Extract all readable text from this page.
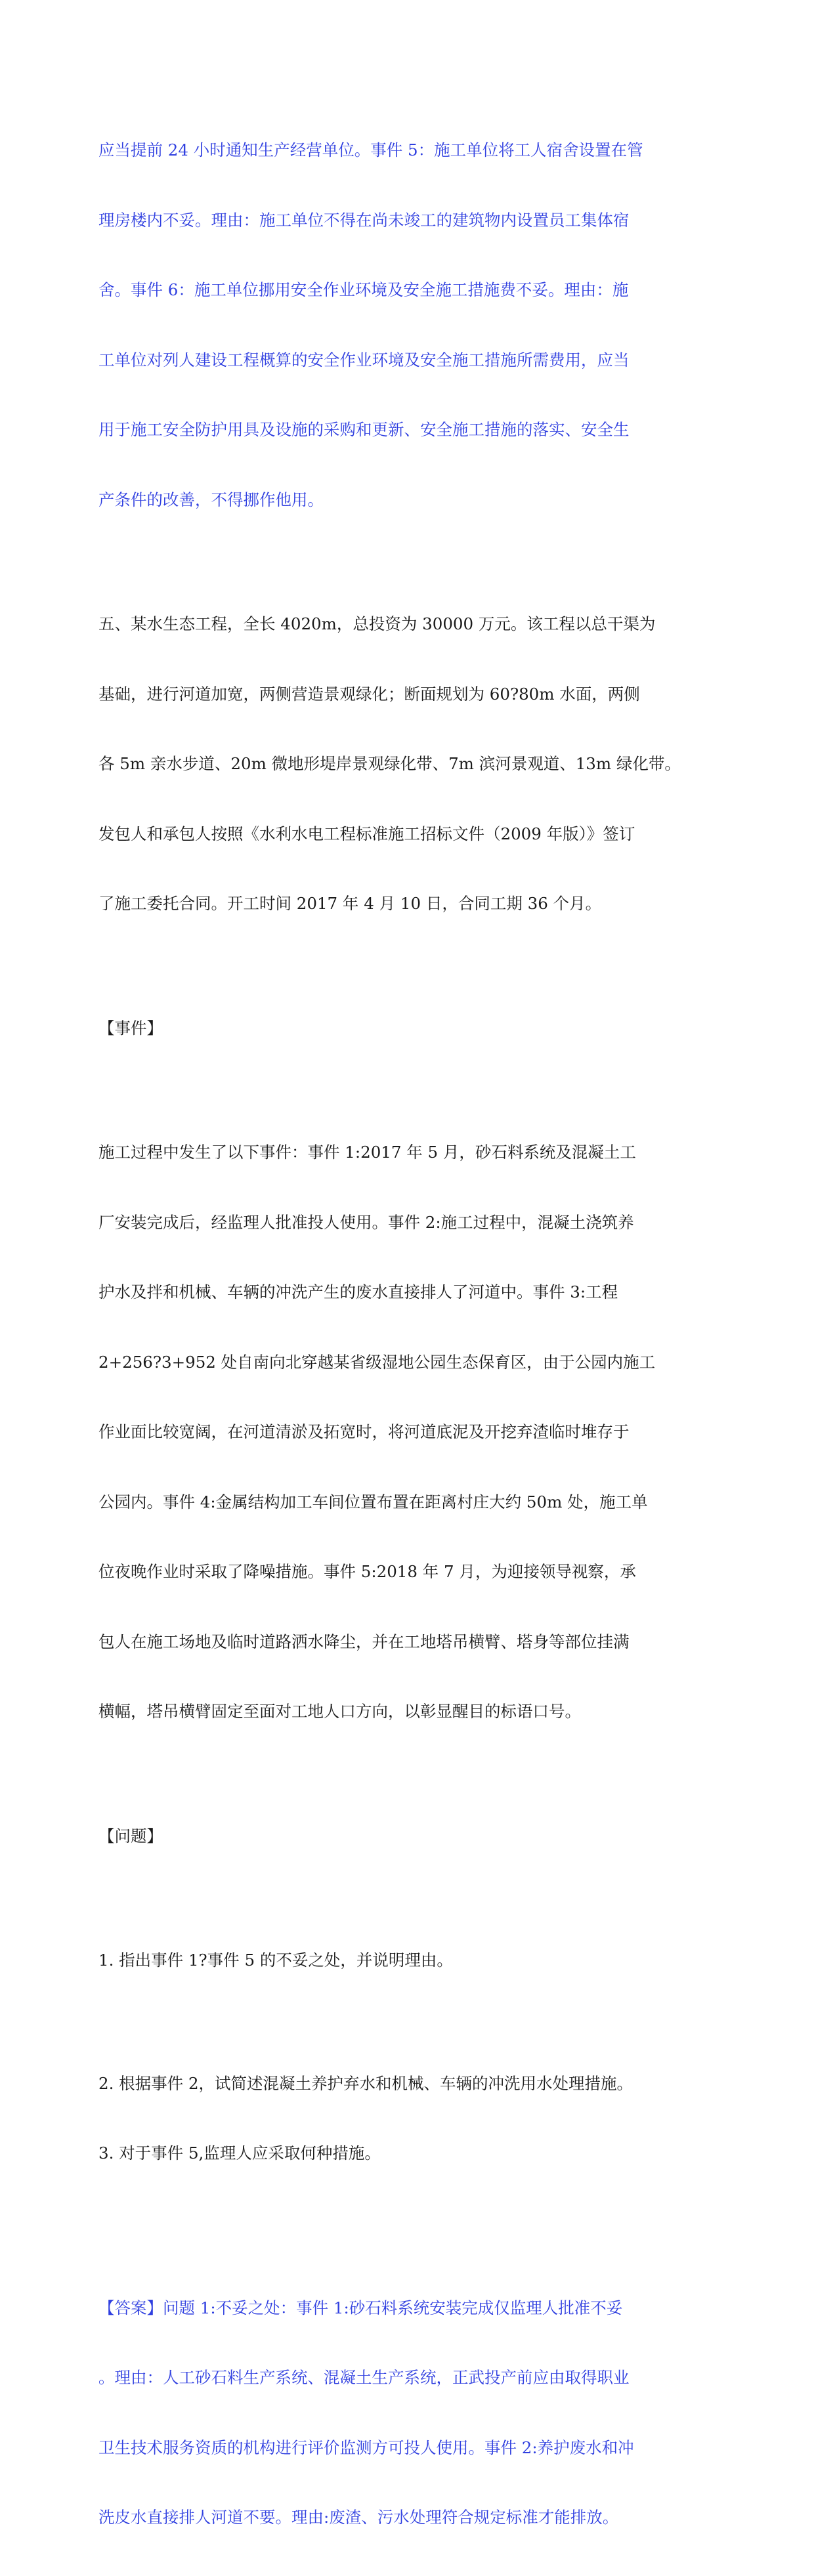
应当提前 24 小时通知生产经营单位。事件 5：施工单位将工人宿舍设置在管

理房楼内不妥。理由：施工单位不得在尚未竣工的建筑物内设置员工集体宿

舍。事件 6：施工单位挪用安全作业环境及安全施工措施费不妥。理由：施

工单位对列人建设工程概算的安全作业环境及安全施工措施所需费用，应当

用于施工安全防护用具及设施的采购和更新、安全施工措施的落实、安全生

产条件的改善，不得挪作他用。

五、某水生态工程，全长 4020m，总投资为 30000 万元。该工程以总干渠为

基础，进行河道加宽，两侧营造景观绿化；断面规划为 60?80m 水面，两侧

各 5m 亲水步道、20m 微地形堤岸景观绿化带、7m 滨河景观道、13m 绿化带。

发包人和承包人按照《水利水电工程标准施工招标文件（2009 年版）》签订

了施工委托合同。开工时间 2017 年 4 月 10 日，合同工期 36 个月。

【事件】

施工过程中发生了以下事件：事件 1:2017 年 5 月，砂石料系统及混凝土工

厂安装完成后，经监理人批准投人使用。事件 2:施工过程中，混凝土浇筑养

护水及拌和机械、车辆的冲洗产生的废水直接排人了河道中。事件 3:工程

2+256?3+952 处自南向北穿越某省级湿地公园生态保育区，由于公园内施工

作业面比较宽阔，在河道清淤及拓宽时，将河道底泥及开挖弃渣临时堆存于

公园内。事件 4:金属结构加工车间位置布置在距离村庄大约 50m 处，施工单

位夜晚作业时采取了降噪措施。事件 5:2018 年 7 月，为迎接领导视察，承

包人在施工场地及临时道路洒水降尘，并在工地塔吊横臂、塔身等部位挂满

横幅，塔吊横臂固定至面对工地人口方向，以彰显醒目的标语口号。

【问题】

1. 指出事件 1?事件 5 的不妥之处，并说明理由。

2. 根据事件 2，试简述混凝土养护弃水和机械、车辆的冲洗用水处理措施。

3. 对于事件 5,监理人应采取何种措施。

【答案】问题 1:不妥之处：事件 1:砂石料系统安装完成仅监理人批准不妥

。理由：人工砂石料生产系统、混凝土生产系统，正武投产前应由取得职业

卫生技术服务资质的机构进行评价监测方可投人使用。事件 2:养护废水和冲

洗皮水直接排人河道不要。理由:废渣、污水处理符合规定标准才能排放。
